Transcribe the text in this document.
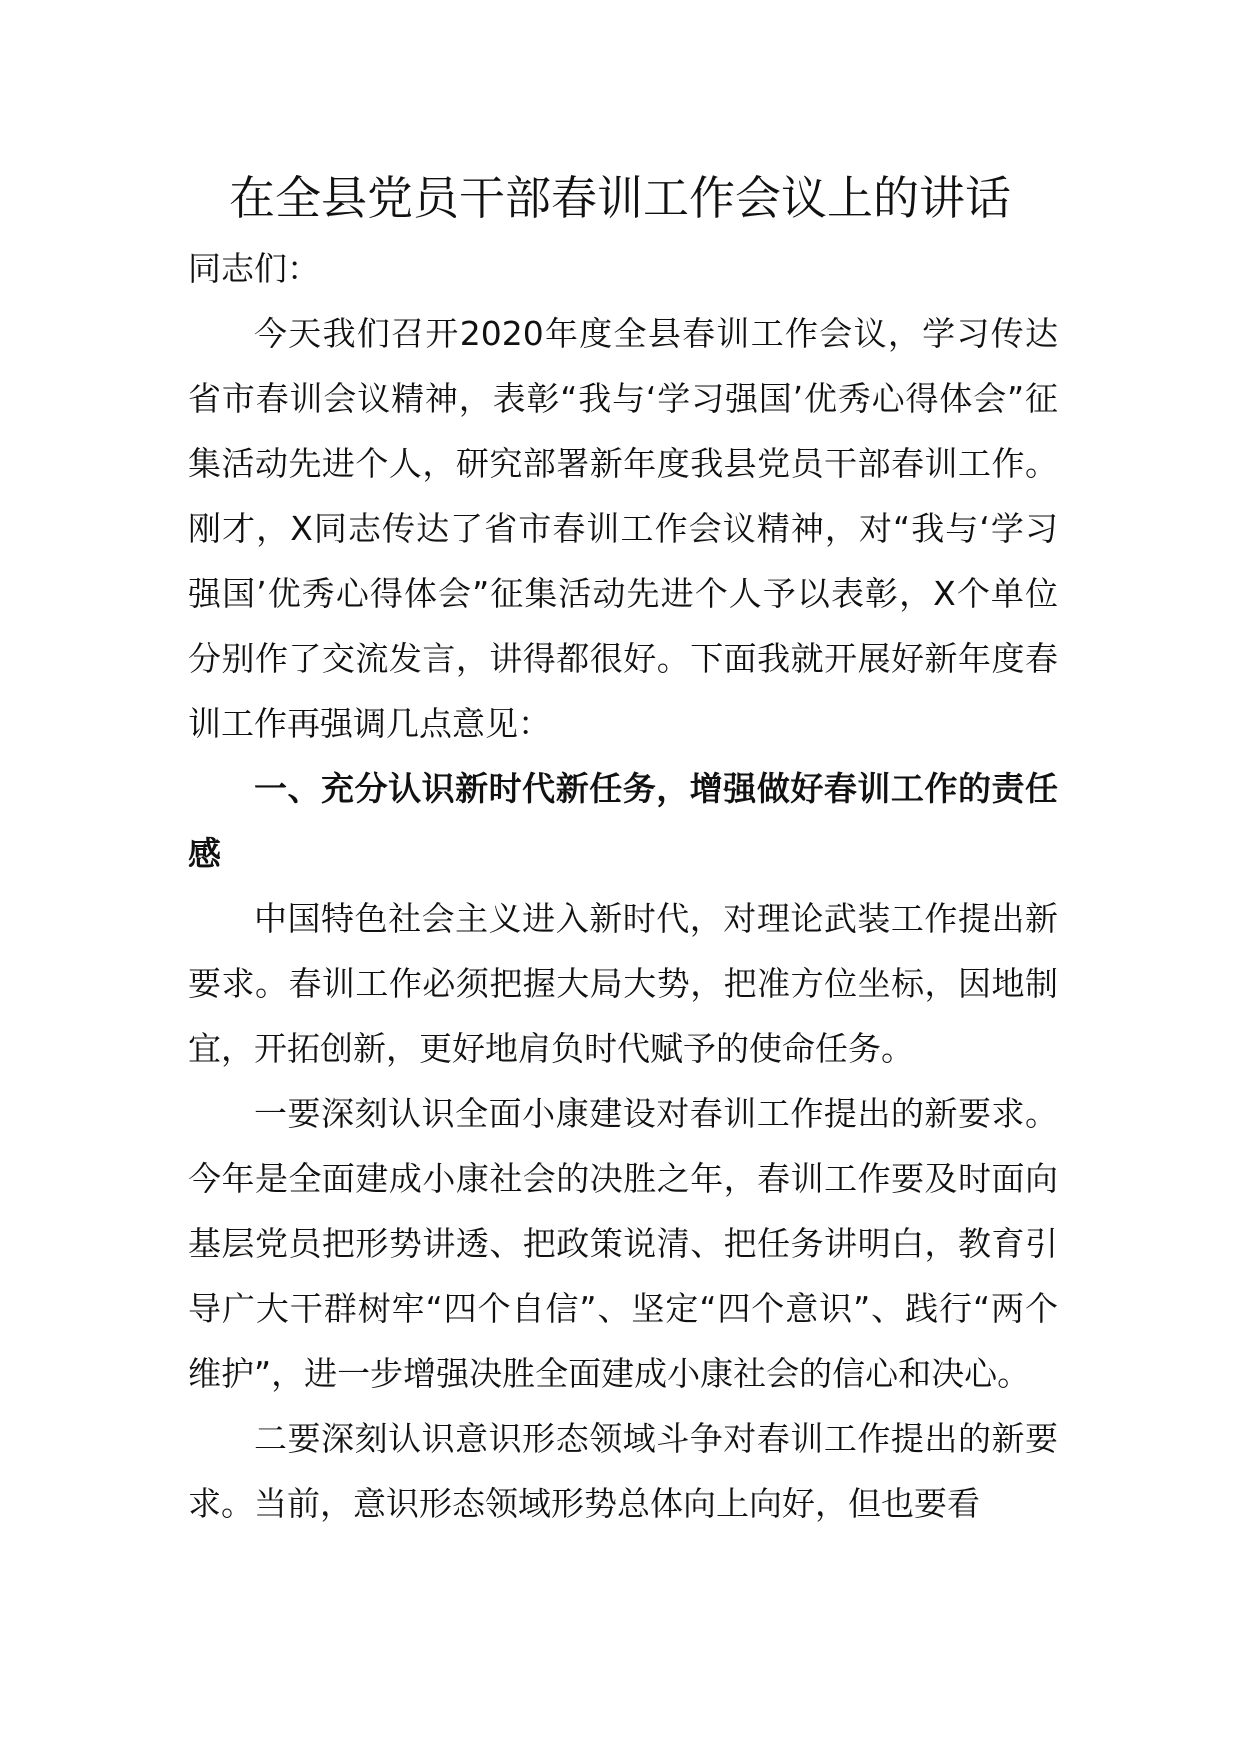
在全县党员干部春训工作会议上的讲话

同志们：

今天我们召开2020年度全县春训工作会议，学习传达省市春训会议精神，表彰“我与‘学习强国’优秀心得体会”征集活动先进个人，研究部署新年度我县党员干部春训工作。刚才，X同志传达了省市春训工作会议精神，对“我与‘学习强国’优秀心得体会”征集活动先进个人予以表彰，X个单位分别作了交流发言，讲得都很好。下面我就开展好新年度春训工作再强调几点意见：

一、充分认识新时代新任务，增强做好春训工作的责任感

中国特色社会主义进入新时代，对理论武装工作提出新要求。春训工作必须把握大局大势，把准方位坐标，因地制宜，开拓创新，更好地肩负时代赋予的使命任务。

一要深刻认识全面小康建设对春训工作提出的新要求。今年是全面建成小康社会的决胜之年，春训工作要及时面向基层党员把形势讲透、把政策说清、把任务讲明白，教育引导广大干群树牢“四个自信”、坚定“四个意识”、践行“两个维护”，进一步增强决胜全面建成小康社会的信心和决心。

二要深刻认识意识形态领域斗争对春训工作提出的新要求。当前，意识形态领域形势总体向上向好，但也要看
